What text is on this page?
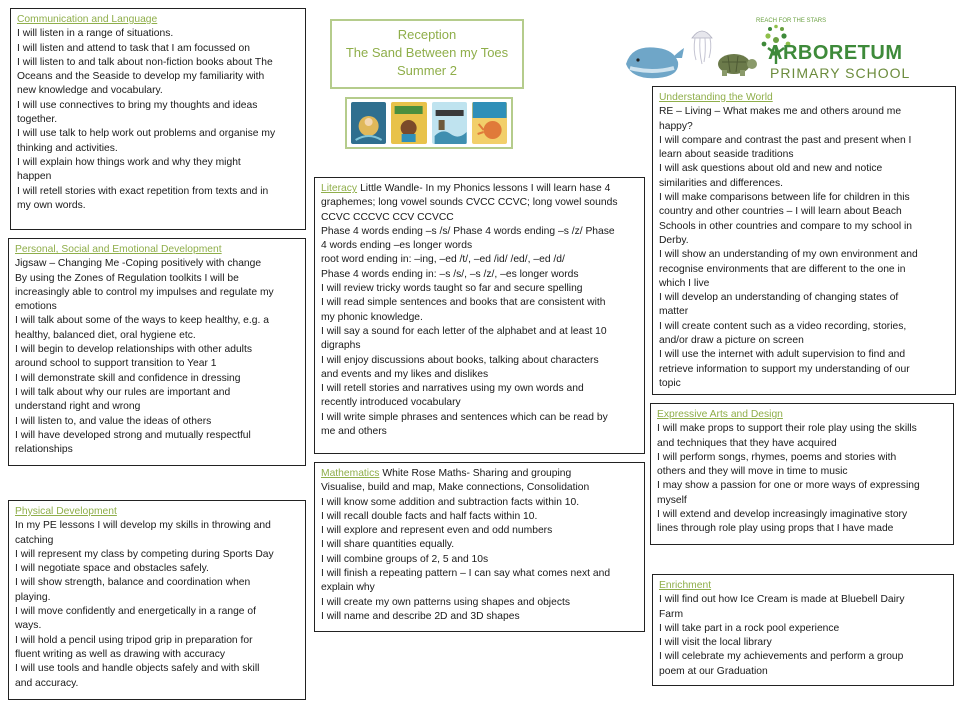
Communication and Language

I will listen in a range of situations.

I will listen and attend to task that I am focussed on

I will listen to and talk about non-fiction books about The

Oceans and the Seaside to develop my familiarity with

new knowledge and vocabulary.

I will use connectives to bring my thoughts and ideas

together.

I will use talk to help work out problems and organise my

thinking and activities.

I will explain how things work and why they might

happen

I will retell stories with exact repetition from texts and in

my own words.

Personal, Social and Emotional Development

Jigsaw – Changing Me -Coping positively with change

By using the Zones of Regulation toolkits I will be

increasingly able to control my impulses and regulate my

emotions

I will talk about some of the ways to keep healthy, e.g. a

healthy, balanced diet, oral hygiene etc.

I will begin to develop relationships with other adults

around school to support transition to Year 1

I will demonstrate skill and confidence in dressing

I will talk about why our rules are important and

understand right and wrong

I will listen to, and value the ideas of others

I will have developed strong and mutually respectful

relationships

Physical Development

In my PE lessons I will develop my skills in throwing and

catching

I will represent my class by competing during Sports Day

I will negotiate space and obstacles safely.

I will show strength, balance and coordination when

playing.

I will move confidently and energetically in a range of

ways.

I will hold a pencil using tripod grip in preparation for

fluent writing as well as drawing with accuracy

I will use tools and handle objects safely and with skill

and accuracy.

Reception
The Sand Between my Toes
Summer 2
REACH FOR THE STARS
ARBORETUM
PRIMARY SCHOOL

Literacy Little Wandle- In my Phonics lessons I will learn hase 4

graphemes; long vowel sounds CVCC CCVC; long vowel sounds

CCVC CCCVC CCV CCVCC

Phase 4 words ending –s /s/ Phase 4 words ending –s /z/ Phase

4 words ending –es longer words

root word ending in: –ing, –ed /t/, –ed /id/ /ed/, –ed /d/

Phase 4 words ending in: –s /s/, –s /z/, –es longer words

I will review tricky words taught so far and secure spelling

I will read simple sentences and books that are consistent with

my phonic knowledge.

I will say a sound for each letter of the alphabet and at least 10

digraphs

I will enjoy discussions about books, talking about characters

and events and my likes and dislikes

I will retell stories and narratives using my own words and

recently introduced vocabulary

I will write simple phrases and sentences which can be read by

me and others

Mathematics White Rose Maths- Sharing and grouping

Visualise, build and map, Make connections, Consolidation

I will know some addition and subtraction facts within 10.

I will recall double facts and half facts within 10.

I will explore and represent even and odd numbers

I will share quantities equally.

I will combine groups of 2, 5 and 10s

I will finish a repeating pattern – I can say what comes next and

explain why

I will create my own patterns using shapes and objects

I will name and describe 2D and 3D shapes

Understanding the World

RE – Living – What makes me and others around me

happy?

I will compare and contrast the past and present when I

learn about seaside traditions

I will ask questions about old and new and notice

similarities and differences.

I will make comparisons between life for children in this

country and other countries – I will learn about Beach

Schools in other countries and compare to my school in

Derby.

I will show an understanding of my own environment and

recognise environments that are different to the one in

which I live

I will develop an understanding of changing states of

matter

I will create content such as a video recording, stories,

and/or draw a picture on screen

I will use the internet with adult supervision to find and

retrieve information to support my understanding of our

topic

Expressive Arts and Design

I will make props to support their role play using the skills

and techniques that they have acquired

I will perform songs, rhymes, poems and stories with

others and they will move in time to music

I may show a passion for one or more ways of expressing

myself

I will extend and develop increasingly imaginative story

lines through role play using props that I have made

Enrichment

I will find out how Ice Cream is made at Bluebell Dairy

Farm

I will take part in a rock pool experience

I will visit the local library

I will celebrate my achievements and perform a group

poem at our Graduation
